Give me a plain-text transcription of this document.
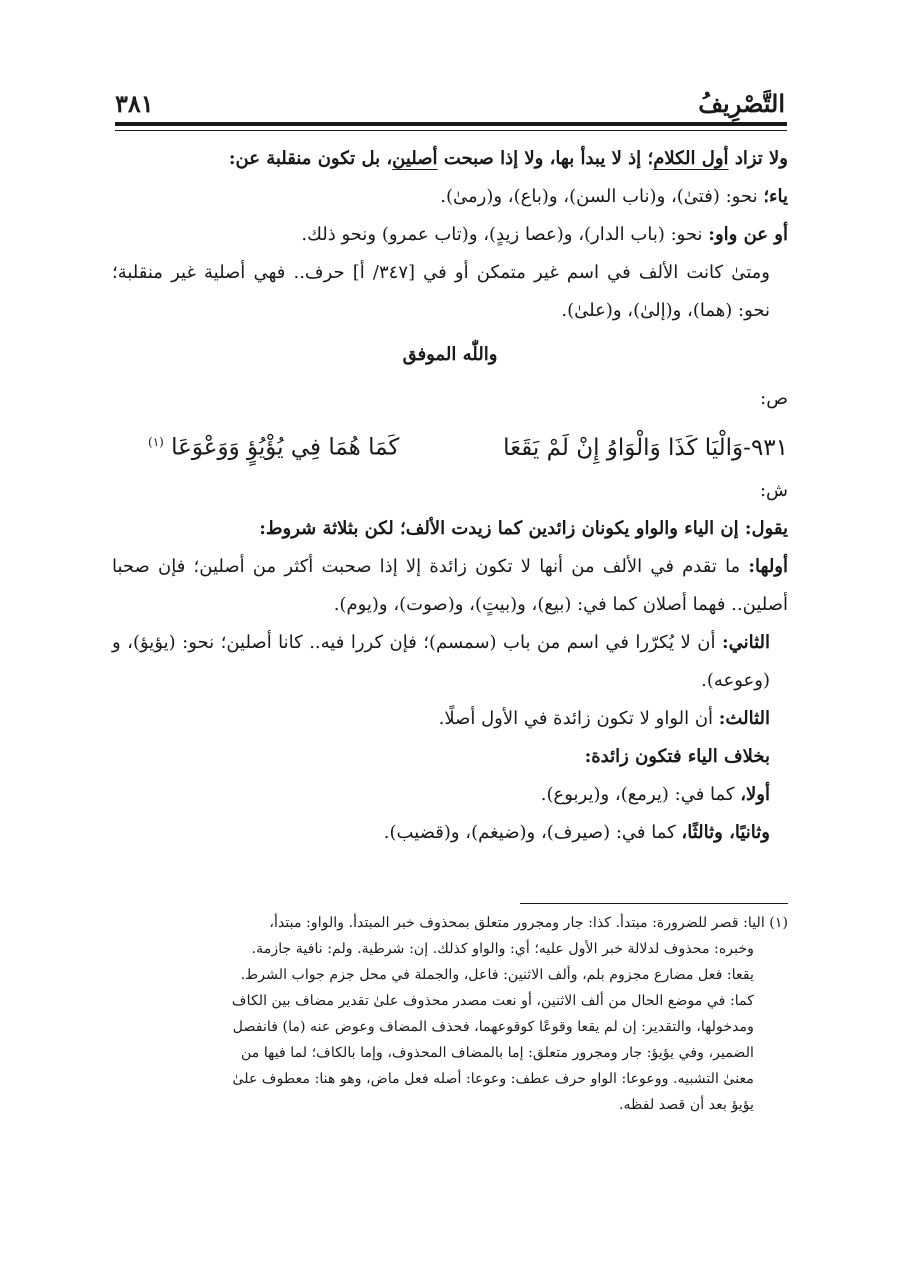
التَّصْرِيفُ
٣٨١

ولا تزاد أول الكلام؛ إذ لا يبدأ بها، ولا إذا صبحت أصلين، بل تكون منقلبة عن:

ياء؛ نحو: (فتىٰ)، و(ناب السن)، و(باع)، و(رمىٰ).

أو عن واو: نحو: (باب الدار)، و(عصا زيدٍ)، و(تاب عمرو) ونحو ذلك.

ومتىٰ كانت الألف في اسم غير متمكن أو في [٣٤٧/ أ] حرف.. فهي أصلية غير منقلبة؛ نحو: (هما)، و(إلىٰ)، و(علىٰ).

واللّٰه الموفق

ص:

٩٣١-وَالْيَا كَذَا وَالْوَاوُ إِنْ لَمْ يَقَعَا
كَمَا هُمَا فِي يُؤْيُؤٍ وَوَعْوَعَا $^{(١)}$

ش:

يقول: إن الياء والواو يكونان زائدين كما زيدت الألف؛ لكن بثلاثة شروط:

أولها: ما تقدم في الألف من أنها لا تكون زائدة إلا إذا صحبت أكثر من أصلين؛ فإن صحبا أصلين.. فهما أصلان كما في: (بيع)، و(بيتٍ)، و(صوت)، و(يوم).

الثاني: أن لا يُكرّرا في اسم من باب (سمسم)؛ فإن كررا فيه.. كانا أصلين؛ نحو: (يؤيؤ)، و (وعوعه).

الثالث: أن الواو لا تكون زائدة في الأول أصلًا.

بخلاف الياء فتكون زائدة:

أولا، كما في: (يرمع)، و(يربوع).

وثانيًا، وثالثًا، كما في: (صيرف)، و(ضيغم)، و(قضيب).

(١) اليا: قصر للضرورة: مبتدأ. كذا: جار ومجرور متعلق بمحذوف خبر المبتدأ. والواو: مبتدأ،
وخبره: محذوف لدلالة خبر الأول عليه؛ أي: والواو كذلك. إن: شرطية. ولم: نافية جازمة.
يقعا: فعل مضارع مجزوم بلم، وألف الاثنين: فاعل، والجملة في محل جزم جواب الشرط.
كما: في موضع الحال من ألف الاثنين، أو نعت مصدر محذوف علىٰ تقدير مضاف بين الكاف
ومدخولها، والتقدير: إن لم يقعا وقوعًا كوقوعهما، فحذف المضاف وعوض عنه (ما) فانفصل
الضمير، وفي يؤيؤ: جار ومجرور متعلق: إما بالمضاف المحذوف، وإما بالكاف؛ لما فيها من
معنىٰ التشبيه. ووعوعا: الواو حرف عطف: وعوعا: أصله فعل ماض، وهو هنا: معطوف علىٰ
يؤيؤ بعد أن قصد لفظه.
